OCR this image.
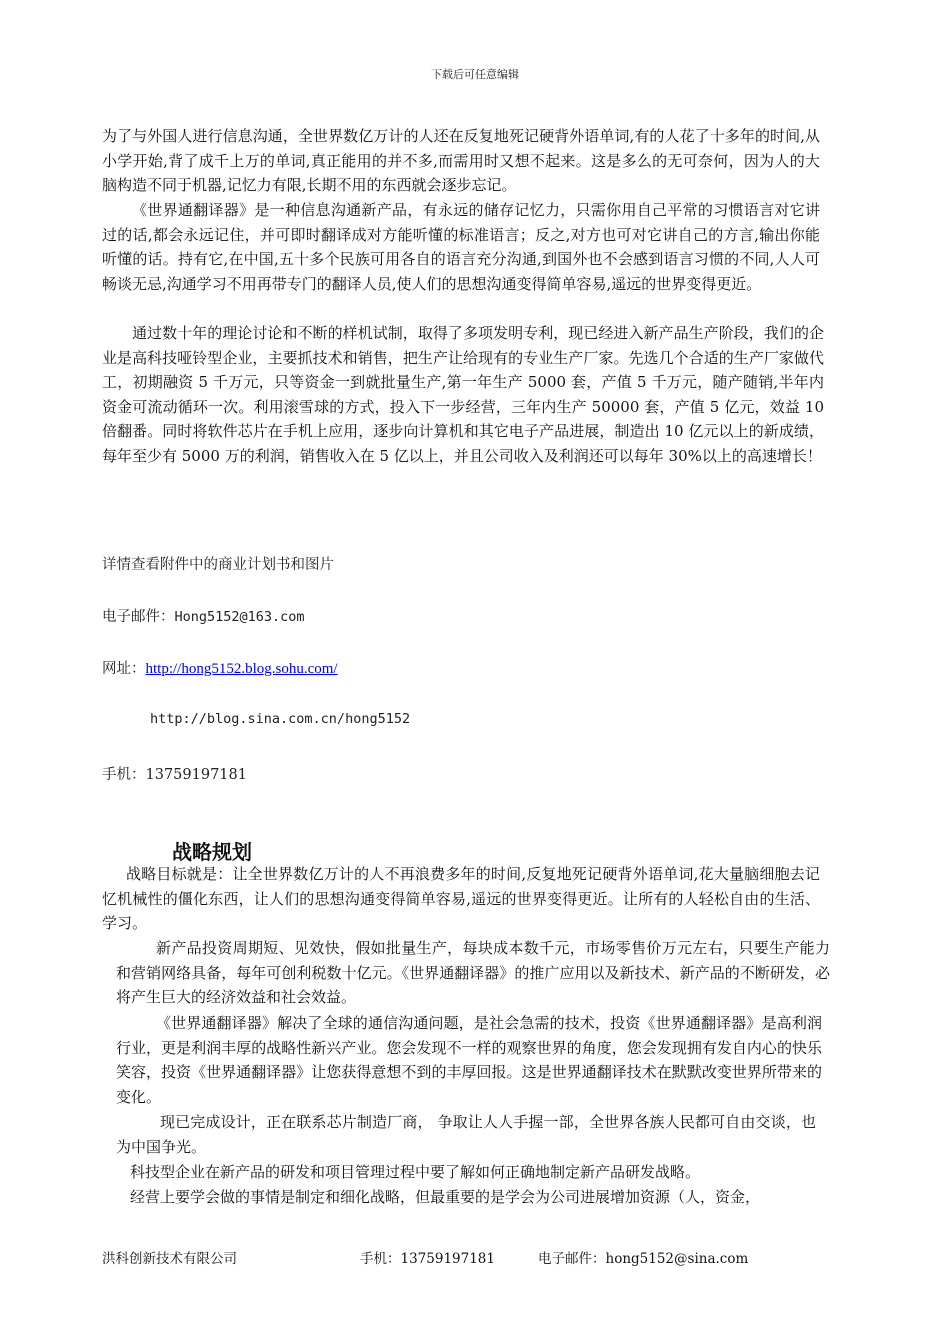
下载后可任意编辑

为了与外国人进行信息沟通，全世界数亿万计的人还在反复地死记硬背外语单词,有的人花了十多年的时间,从小学开始,背了成千上万的单词,真正能用的并不多,而需用时又想不起来。这是多么的无可奈何，因为人的大脑构造不同于机器,记忆力有限,长期不用的东西就会逐步忘记。

《世界通翻译器》是一种信息沟通新产品，有永远的储存记忆力，只需你用自己平常的习惯语言对它讲过的话,都会永远记住，并可即时翻译成对方能听懂的标准语言；反之,对方也可对它讲自己的方言,输出你能听懂的话。持有它,在中国,五十多个民族可用各自的语言充分沟通,到国外也不会感到语言习惯的不同,人人可畅谈无忌,沟通学习不用再带专门的翻译人员,使人们的思想沟通变得简单容易,遥远的世界变得更近。

通过数十年的理论讨论和不断的样机试制，取得了多项发明专利，现已经进入新产品生产阶段，我们的企业是高科技哑铃型企业，主要抓技术和销售，把生产让给现有的专业生产厂家。先选几个合适的生产厂家做代工，初期融资 5 千万元，只等资金一到就批量生产,第一年生产 5000 套，产值 5 千万元，随产随销,半年内资金可流动循环一次。利用滚雪球的方式，投入下一步经营，三年内生产 50000 套，产值 5 亿元，效益 10 倍翻番。同时将软件芯片在手机上应用，逐步向计算机和其它电子产品进展，制造出 10 亿元以上的新成绩，每年至少有 5000 万的利润，销售收入在 5 亿以上，并且公司收入及利润还可以每年 30%以上的高速增长！

详情查看附件中的商业计划书和图片
电子邮件：Hong5152@163.com
网址：http://hong5152.blog.sohu.com/
http://blog.sina.com.cn/hong5152
手机：13759197181
战略规划

战略目标就是：让全世界数亿万计的人不再浪费多年的时间,反复地死记硬背外语单词,花大量脑细胞去记忆机械性的僵化东西，让人们的思想沟通变得简单容易,遥远的世界变得更近。让所有的人轻松自由的生活、学习。

新产品投资周期短、见效快，假如批量生产，每块成本数千元，市场零售价万元左右，只要生产能力和营销网络具备，每年可创利税数十亿元。《世界通翻译器》的推广应用以及新技术、新产品的不断研发，必将产生巨大的经济效益和社会效益。

《世界通翻译器》解决了全球的通信沟通问题，是社会急需的技术，投资《世界通翻译器》是高利润行业，更是利润丰厚的战略性新兴产业。您会发现不一样的观察世界的角度，您会发现拥有发自内心的快乐笑容，投资《世界通翻译器》让您获得意想不到的丰厚回报。这是世界通翻译技术在默默改变世界所带来的变化。

现已完成设计，正在联系芯片制造厂商， 争取让人人手握一部，全世界各族人民都可自由交谈，也为中国争光。

科技型企业在新产品的研发和项目管理过程中要了解如何正确地制定新产品研发战略。

经营上要学会做的事情是制定和细化战略，但最重要的是学会为公司进展增加资源（人，资金，

洪科创新技术有限公司	手机：13759197181	电子邮件：hong5152@sina.com
